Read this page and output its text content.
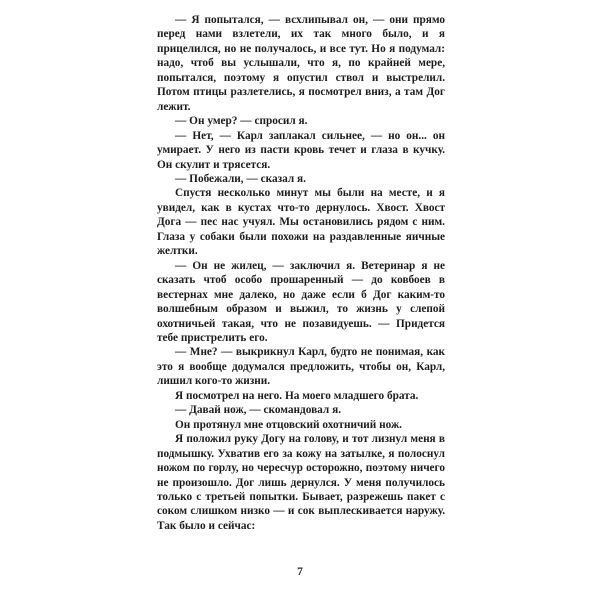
— Я попытался, — всхлипывал он, — они прямо перед нами взлетели, их так много было, и я прицелился, но не получалось, и все тут. Но я подумал: надо, чтоб вы услышали, что я, по крайней мере, попытался, поэтому я опустил ствол и выстрелил. Потом птицы разлетелись, я посмотрел вниз, а там Дог лежит.

— Он умер? — спросил я.

— Нет, — Карл заплакал сильнее, — но он... он умирает. У него из пасти кровь течет и глаза в кучку. Он скулит и трясется.

— Побежали, — сказал я.

Спустя несколько минут мы были на месте, и я увидел, как в кустах что-то дернулось. Хвост. Хвост Дога — пес нас учуял. Мы остановились рядом с ним. Глаза у собаки были похожи на раздавленные яичные желтки.

— Он не жилец, — заключил я. Ветеринар я не сказать чтоб особо прошаренный — до ковбоев в вестернах мне далеко, но даже если б Дог каким-то волшебным образом и выжил, то жизнь у слепой охотничьей такая, что не позавидуешь. — Придется тебе пристрелить его.

— Мне? — выкрикнул Карл, будто не понимая, как это я вообще додумался предложить, чтобы он, Карл, лишил кого-то жизни.

Я посмотрел на него. На моего младшего брата.

— Давай нож, — скомандовал я.

Он протянул мне отцовский охотничий нож.

Я положил руку Догу на голову, и тот лизнул меня в подмышку. Ухватив его за кожу на затылке, я полоснул ножом по горлу, но чересчур осторожно, поэтому ничего не произошло. Дог лишь дернулся. У меня получилось только с третьей попытки. Бывает, разрежешь пакет с соком слишком низко — и сок выплескивается наружу. Так было и сейчас:

7
